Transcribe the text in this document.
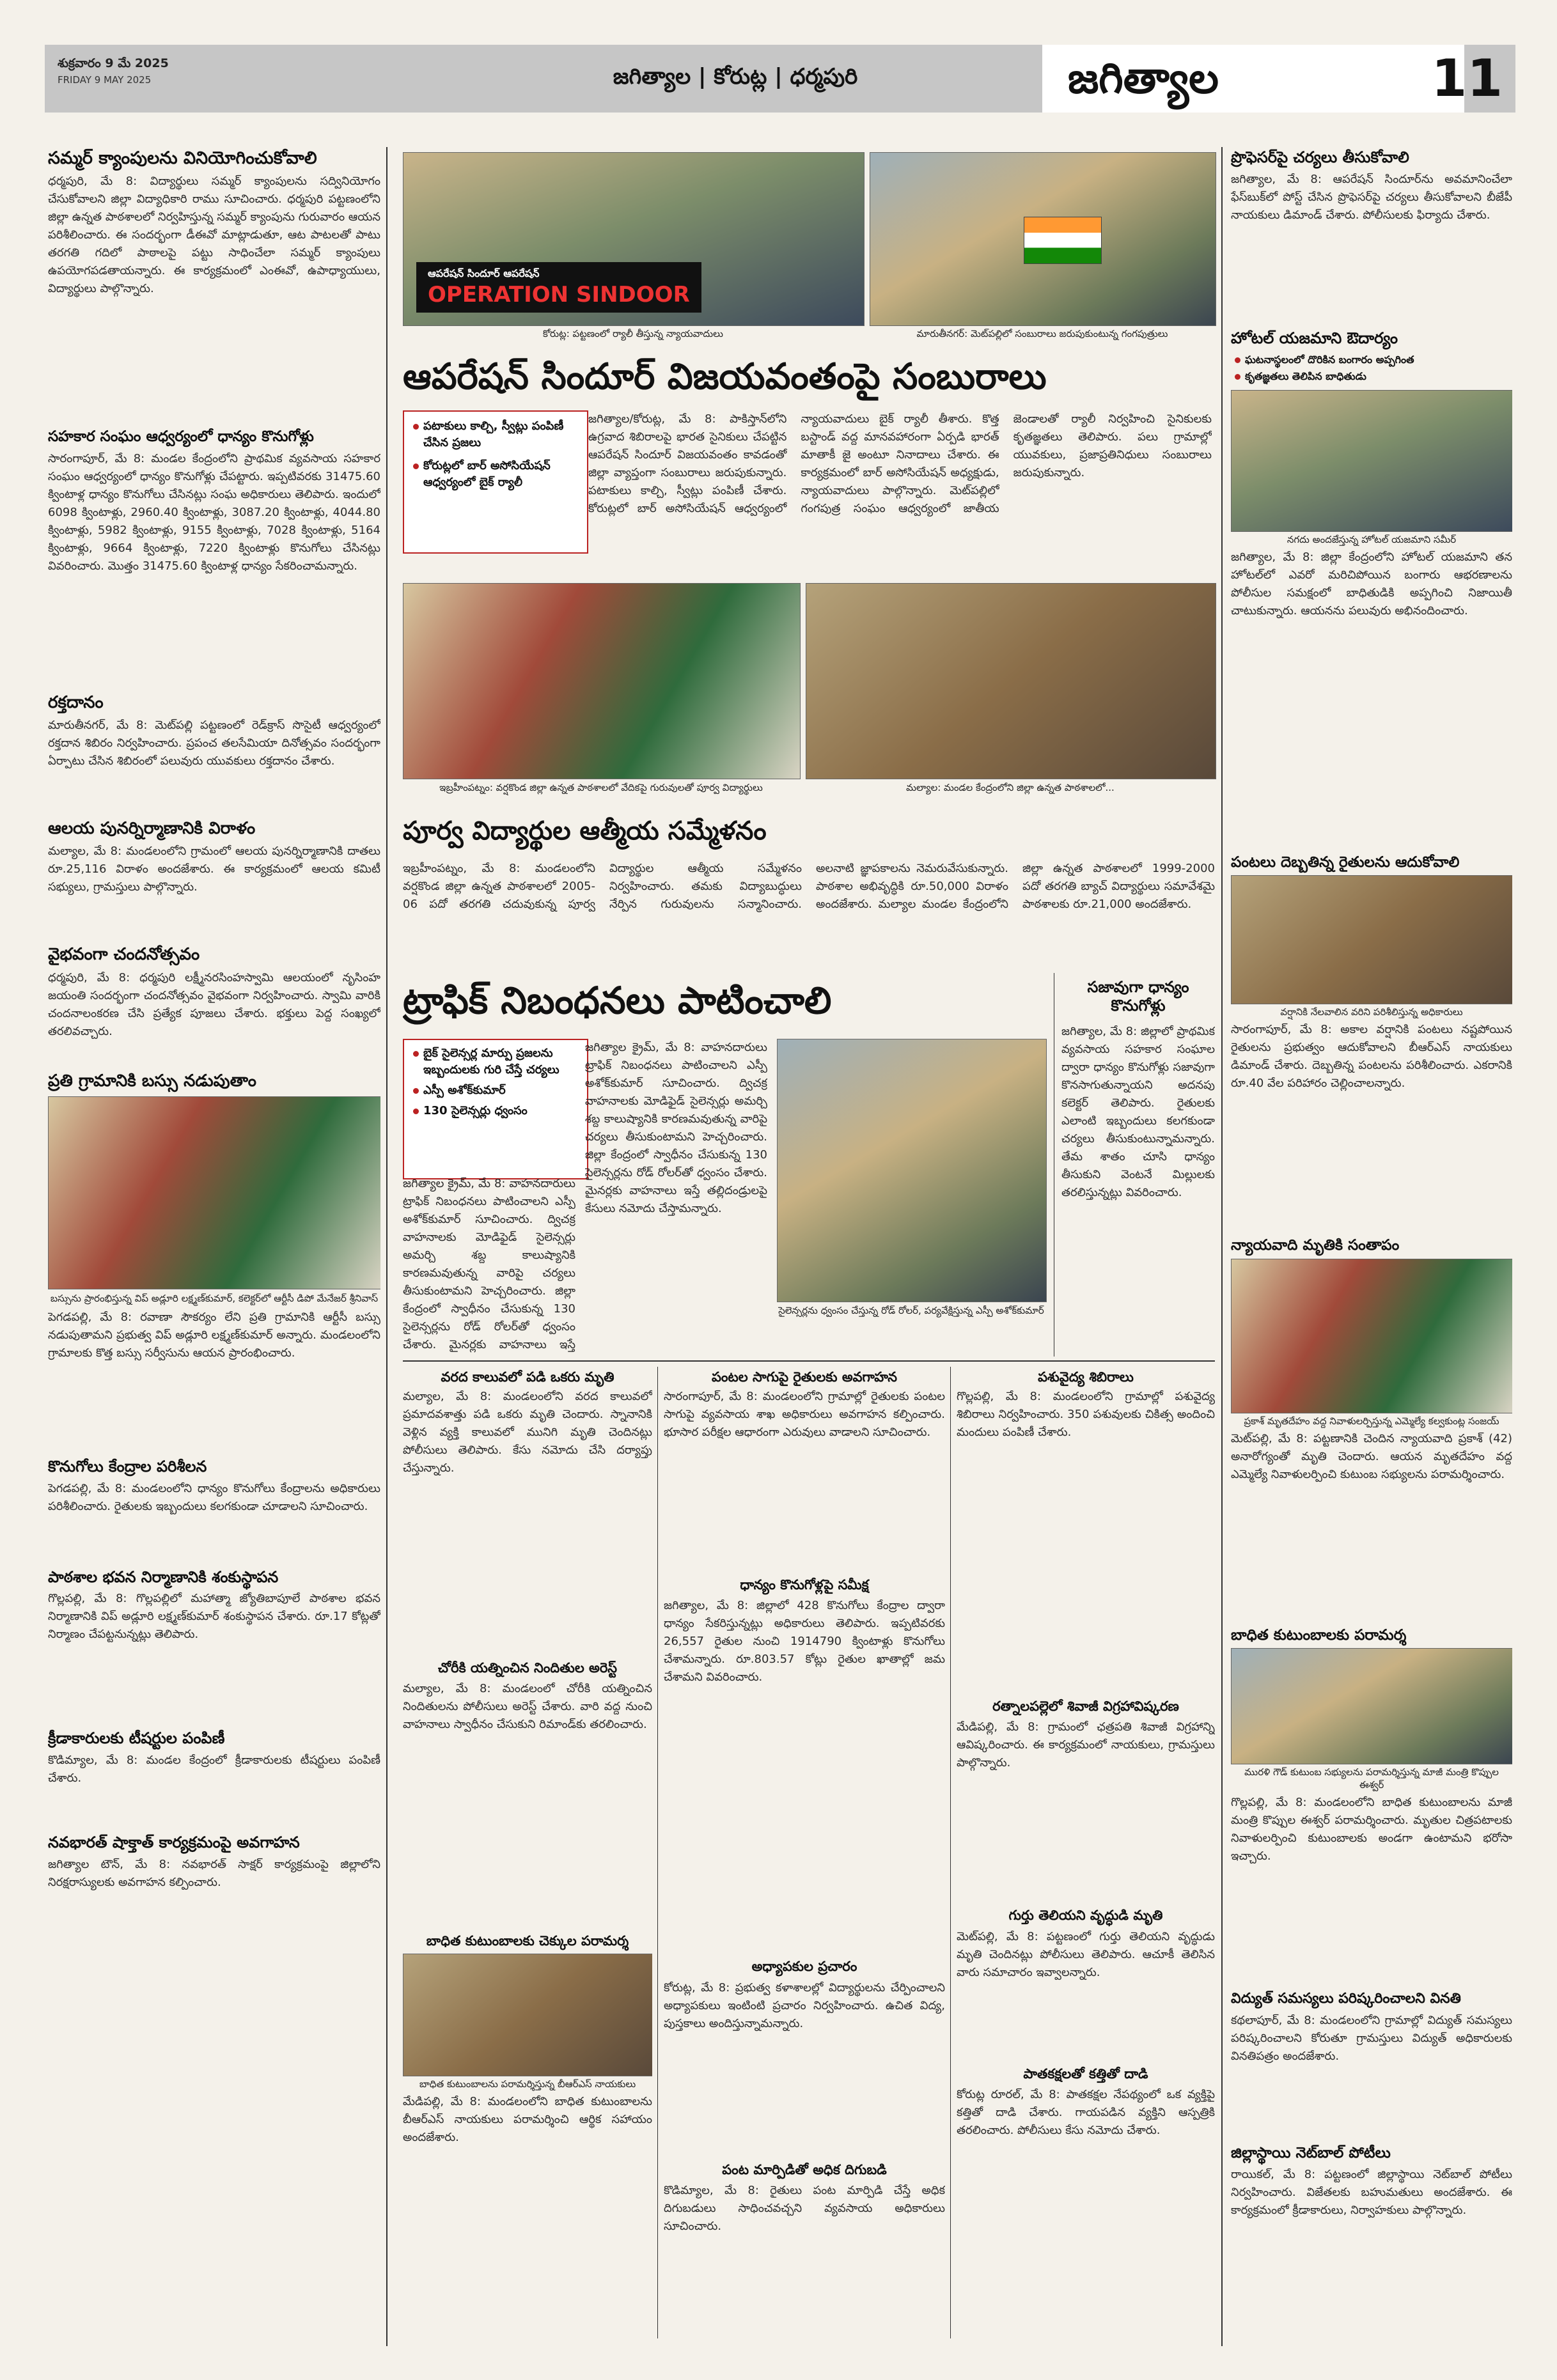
శుక్రవారం 9 మే 2025
FRIDAY 9 MAY 2025	జగిత్యాల | కోరుట్ల | ధర్మపురి	జగిత్యాల	11
సమ్మర్ క్యాంపులను వినియోగించుకోవాలి
ధర్మపురి, మే 8: విద్యార్థులు సమ్మర్ క్యాంపులను సద్వినియోగం చేసుకోవాలని జిల్లా విద్యాధికారి రాము సూచించారు. ధర్మపురి పట్టణంలోని జిల్లా ఉన్నత పాఠశాలలో నిర్వహిస్తున్న సమ్మర్ క్యాంపును గురువారం ఆయన పరిశీలించారు. ఈ సందర్భంగా డీఈవో మాట్లాడుతూ, ఆట పాటలతో పాటు తరగతి గదిలో పాఠాలపై పట్టు సాధించేలా సమ్మర్ క్యాంపులు ఉపయోగపడతాయన్నారు. ఈ కార్యక్రమంలో ఎంఈవో, ఉపాధ్యాయులు, విద్యార్థులు పాల్గొన్నారు.
సహకార సంఘం ఆధ్వర్యంలో ధాన్యం కొనుగోళ్లు
సారంగాపూర్, మే 8: మండల కేంద్రంలోని ప్రాథమిక వ్యవసాయ సహకార సంఘం ఆధ్వర్యంలో ధాన్యం కొనుగోళ్లు చేపట్టారు. ఇప్పటివరకు 31475.60 క్వింటాళ్ల ధాన్యం కొనుగోలు చేసినట్లు సంఘ అధికారులు తెలిపారు. ఇందులో 6098 క్వింటాళ్లు, 2960.40 క్వింటాళ్లు, 3087.20 క్వింటాళ్లు, 4044.80 క్వింటాళ్లు, 5982 క్వింటాళ్లు, 9155 క్వింటాళ్లు, 7028 క్వింటాళ్లు, 5164 క్వింటాళ్లు, 9664 క్వింటాళ్లు, 7220 క్వింటాళ్లు కొనుగోలు చేసినట్లు వివరించారు. మొత్తం 31475.60 క్వింటాళ్ల ధాన్యం సేకరించామన్నారు.
రక్తదానం
మారుతీనగర్, మే 8: మెట్‌పల్లి పట్టణంలో రెడ్‌క్రాస్ సొసైటీ ఆధ్వర్యంలో రక్తదాన శిబిరం నిర్వహించారు. ప్రపంచ తలసేమియా దినోత్సవం సందర్భంగా ఏర్పాటు చేసిన శిబిరంలో పలువురు యువకులు రక్తదానం చేశారు.
ఆలయ పునర్నిర్మాణానికి విరాళం
మల్యాల, మే 8: మండలంలోని గ్రామంలో ఆలయ పునర్నిర్మాణానికి దాతలు రూ.25,116 విరాళం అందజేశారు. ఈ కార్యక్రమంలో ఆలయ కమిటీ సభ్యులు, గ్రామస్తులు పాల్గొన్నారు.
వైభవంగా చందనోత్సవం
ధర్మపురి, మే 8: ధర్మపురి లక్ష్మీనరసింహస్వామి ఆలయంలో నృసింహ జయంతి సందర్భంగా చందనోత్సవం వైభవంగా నిర్వహించారు. స్వామి వారికి చందనాలంకరణ చేసి ప్రత్యేక పూజలు చేశారు. భక్తులు పెద్ద సంఖ్యలో తరలివచ్చారు.
ప్రతి గ్రామానికి బస్సు నడుపుతాం
బస్సును ప్రారంభిస్తున్న విప్ అడ్లూరి లక్ష్మణ్‌కుమార్, కలెక్టర్‌లో ఆర్టీసీ డిపో మేనేజర్ శ్రీనివాస్
పెగడపల్లి, మే 8: రవాణా సౌకర్యం లేని ప్రతి గ్రామానికి ఆర్టీసీ బస్సు నడుపుతామని ప్రభుత్వ విప్ అడ్లూరి లక్ష్మణ్‌కుమార్ అన్నారు. మండలంలోని గ్రామాలకు కొత్త బస్సు సర్వీసును ఆయన ప్రారంభించారు.
కొనుగోలు కేంద్రాల పరిశీలన
పెగడపల్లి, మే 8: మండలంలోని ధాన్యం కొనుగోలు కేంద్రాలను అధికారులు పరిశీలించారు. రైతులకు ఇబ్బందులు కలగకుండా చూడాలని సూచించారు.
పాఠశాల భవన నిర్మాణానికి శంకుస్థాపన
గొల్లపల్లి, మే 8: గొల్లపల్లిలో మహాత్మా జ్యోతిబాపూలే పాఠశాల భవన నిర్మాణానికి విప్ అడ్లూరి లక్ష్మణ్‌కుమార్ శంకుస్థాపన చేశారు. రూ.17 కోట్లతో నిర్మాణం చేపట్టనున్నట్లు తెలిపారు.
క్రీడాకారులకు టీషర్టుల పంపిణీ
కొడిమ్యాల, మే 8: మండల కేంద్రంలో క్రీడాకారులకు టీషర్టులు పంపిణీ చేశారు.
నవభారత్ షాక్తాత్ కార్యక్రమంపై అవగాహన
జగిత్యాల టౌన్, మే 8: నవభారత్ సాక్షర్ కార్యక్రమంపై జిల్లాలోని నిరక్షరాస్యులకు అవగాహన కల్పించారు.
ఆపరేషన్ సిందూర్ ఆపరేషన్
OPERATION SINDOOR
కోరుట్ల: పట్టణంలో ర్యాలీ తీస్తున్న న్యాయవాదులు	మారుతీనగర్: మెట్‌పల్లిలో సంబురాలు జరుపుకుంటున్న గంగపుత్రులు
ఆపరేషన్ సిందూర్ విజయవంతంపై సంబురాలు
పటాకులు కాల్చి, స్వీట్లు పంపిణీ చేసిన ప్రజలు
కోరుట్లలో బార్ అసోసియేషన్ ఆధ్వర్యంలో బైక్ ర్యాలీ
జగిత్యాల/కోరుట్ల, మే 8: పాకిస్తాన్‌లోని ఉగ్రవాద శిబిరాలపై భారత సైనికులు చేపట్టిన ఆపరేషన్ సిందూర్ విజయవంతం కావడంతో జిల్లా వ్యాప్తంగా సంబురాలు జరుపుకున్నారు. పటాకులు కాల్చి, స్వీట్లు పంపిణీ చేశారు. కోరుట్లలో బార్ అసోసియేషన్ ఆధ్వర్యంలో న్యాయవాదులు బైక్ ర్యాలీ తీశారు. కొత్త బస్టాండ్ వద్ద మానవహారంగా ఏర్పడి భారత్ మాతాకీ జై అంటూ నినాదాలు చేశారు. ఈ కార్యక్రమంలో బార్ అసోసియేషన్ అధ్యక్షుడు, న్యాయవాదులు పాల్గొన్నారు. మెట్‌పల్లిలో గంగపుత్ర సంఘం ఆధ్వర్యంలో జాతీయ జెండాలతో ర్యాలీ నిర్వహించి సైనికులకు కృతజ్ఞతలు తెలిపారు. పలు గ్రామాల్లో యువకులు, ప్రజాప్రతినిధులు సంబురాలు జరుపుకున్నారు.
ఇబ్రహీంపట్నం: వర్షకొండ జిల్లా ఉన్నత పాఠశాలలో వేదికపై గురువులతో పూర్వ విద్యార్థులు	మల్యాల: మండల కేంద్రంలోని జిల్లా ఉన్నత పాఠశాలలో...
పూర్వ విద్యార్థుల ఆత్మీయ సమ్మేళనం
ఇబ్రహీంపట్నం, మే 8: మండలంలోని వర్షకొండ జిల్లా ఉన్నత పాఠశాలలో 2005-06 పదో తరగతి చదువుకున్న పూర్వ విద్యార్థుల ఆత్మీయ సమ్మేళనం నిర్వహించారు. తమకు విద్యాబుద్ధులు నేర్పిన గురువులను సన్మానించారు. అలనాటి జ్ఞాపకాలను నెమరువేసుకున్నారు. పాఠశాల అభివృద్ధికి రూ.50,000 విరాళం అందజేశారు. మల్యాల మండల కేంద్రంలోని జిల్లా ఉన్నత పాఠశాలలో 1999-2000 పదో తరగతి బ్యాచ్ విద్యార్థులు సమావేశమై పాఠశాలకు రూ.21,000 అందజేశారు.
ట్రాఫిక్ నిబంధనలు పాటించాలి
బైక్ సైలెన్సర్ల మార్పు ప్రజలను ఇబ్బందులకు గురి చేస్తే చర్యలు
ఎస్పీ అశోక్‌కుమార్
130 సైలెన్సర్లు ధ్వంసం
జగిత్యాల క్రైమ్, మే 8: వాహనదారులు ట్రాఫిక్ నిబంధనలు పాటించాలని ఎస్పీ అశోక్‌కుమార్ సూచించారు. ద్విచక్ర వాహనాలకు మోడిఫైడ్ సైలెన్సర్లు అమర్చి శబ్ద కాలుష్యానికి కారణమవుతున్న వారిపై చర్యలు తీసుకుంటామని హెచ్చరించారు. జిల్లా కేంద్రంలో స్వాధీనం చేసుకున్న 130 సైలెన్సర్లను రోడ్ రోలర్‌తో ధ్వంసం చేశారు. మైనర్లకు వాహనాలు ఇస్తే
జగిత్యాల క్రైమ్, మే 8: వాహనదారులు ట్రాఫిక్ నిబంధనలు పాటించాలని ఎస్పీ అశోక్‌కుమార్ సూచించారు. ద్విచక్ర వాహనాలకు మోడిఫైడ్ సైలెన్సర్లు అమర్చి శబ్ద కాలుష్యానికి కారణమవుతున్న వారిపై చర్యలు తీసుకుంటామని హెచ్చరించారు. జిల్లా కేంద్రంలో స్వాధీనం చేసుకున్న 130 సైలెన్సర్లను రోడ్ రోలర్‌తో ధ్వంసం చేశారు. మైనర్లకు వాహనాలు ఇస్తే తల్లిదండ్రులపై కేసులు నమోదు చేస్తామన్నారు.
సైలెన్సర్లను ధ్వంసం చేస్తున్న రోడ్ రోలర్, పర్యవేక్షిస్తున్న ఎస్పీ అశోక్‌కుమార్
సజావుగా ధాన్యం కొనుగోళ్లు
జగిత్యాల, మే 8: జిల్లాలో ప్రాథమిక వ్యవసాయ సహకార సంఘాల ద్వారా ధాన్యం కొనుగోళ్లు సజావుగా కొనసాగుతున్నాయని అదనపు కలెక్టర్ తెలిపారు. రైతులకు ఎలాంటి ఇబ్బందులు కలగకుండా చర్యలు తీసుకుంటున్నామన్నారు. తేమ శాతం చూసి ధాన్యం తీసుకుని వెంటనే మిల్లులకు తరలిస్తున్నట్లు వివరించారు.
వరద కాలువలో పడి ఒకరు మృతి
మల్యాల, మే 8: మండలంలోని వరద కాలువలో ప్రమాదవశాత్తు పడి ఒకరు మృతి చెందారు. స్నానానికి వెళ్లిన వ్యక్తి కాలువలో మునిగి మృతి చెందినట్లు పోలీసులు తెలిపారు. కేసు నమోదు చేసి దర్యాప్తు చేస్తున్నారు.
చోరీకి యత్నించిన నిందితుల అరెస్ట్
మల్యాల, మే 8: మండలంలో చోరీకి యత్నించిన నిందితులను పోలీసులు అరెస్ట్ చేశారు. వారి వద్ద నుంచి వాహనాలు స్వాధీనం చేసుకుని రిమాండ్‌కు తరలించారు.
బాధిత కుటుంబాలకు చెక్కుల పరామర్శ
బాధిత కుటుంబాలను పరామర్శిస్తున్న బీఆర్ఎస్ నాయకులు
మేడిపల్లి, మే 8: మండలంలోని బాధిత కుటుంబాలను బీఆర్ఎస్ నాయకులు పరామర్శించి ఆర్థిక సహాయం అందజేశారు.
పంటల సాగుపై రైతులకు అవగాహన
సారంగాపూర్, మే 8: మండలంలోని గ్రామాల్లో రైతులకు పంటల సాగుపై వ్యవసాయ శాఖ అధికారులు అవగాహన కల్పించారు. భూసార పరీక్షల ఆధారంగా ఎరువులు వాడాలని సూచించారు.
ధాన్యం కొనుగోళ్లపై సమీక్ష
జగిత్యాల, మే 8: జిల్లాలో 428 కొనుగోలు కేంద్రాల ద్వారా ధాన్యం సేకరిస్తున్నట్లు అధికారులు తెలిపారు. ఇప్పటివరకు 26,557 రైతుల నుంచి 1914790 క్వింటాళ్లు కొనుగోలు చేశామన్నారు. రూ.803.57 కోట్లు రైతుల ఖాతాల్లో జమ చేశామని వివరించారు.
అధ్యాపకుల ప్రచారం
కోరుట్ల, మే 8: ప్రభుత్వ కళాశాలల్లో విద్యార్థులను చేర్పించాలని అధ్యాపకులు ఇంటింటి ప్రచారం నిర్వహించారు. ఉచిత విద్య, పుస్తకాలు అందిస్తున్నామన్నారు.
పంట మార్పిడితో అధిక దిగుబడి
కొడిమ్యాల, మే 8: రైతులు పంట మార్పిడి చేస్తే అధిక దిగుబడులు సాధించవచ్చని వ్యవసాయ అధికారులు సూచించారు.
పశువైద్య శిబిరాలు
గొల్లపల్లి, మే 8: మండలంలోని గ్రామాల్లో పశువైద్య శిబిరాలు నిర్వహించారు. 350 పశువులకు చికిత్స అందించి మందులు పంపిణీ చేశారు.
రత్నాలపల్లెలో శివాజీ విగ్రహావిష్కరణ
మేడిపల్లి, మే 8: గ్రామంలో ఛత్రపతి శివాజీ విగ్రహాన్ని ఆవిష్కరించారు. ఈ కార్యక్రమంలో నాయకులు, గ్రామస్తులు పాల్గొన్నారు.
గుర్తు తెలియని వృద్ధుడి మృతి
మెట్‌పల్లి, మే 8: పట్టణంలో గుర్తు తెలియని వృద్ధుడు మృతి చెందినట్లు పోలీసులు తెలిపారు. ఆచూకీ తెలిసిన వారు సమాచారం ఇవ్వాలన్నారు.
పాతకక్షలతో కత్తితో దాడి
కోరుట్ల రూరల్, మే 8: పాతకక్షల నేపథ్యంలో ఒక వ్యక్తిపై కత్తితో దాడి చేశారు. గాయపడిన వ్యక్తిని ఆస్పత్రికి తరలించారు. పోలీసులు కేసు నమోదు చేశారు.
ప్రొఫెసర్‌పై చర్యలు తీసుకోవాలి
జగిత్యాల, మే 8: ఆపరేషన్ సిందూర్‌ను అవమానించేలా ఫేస్‌బుక్‌లో పోస్ట్ చేసిన ప్రొఫెసర్‌పై చర్యలు తీసుకోవాలని బీజేపీ నాయకులు డిమాండ్ చేశారు. పోలీసులకు ఫిర్యాదు చేశారు.
హోటల్ యజమాని ఔదార్యం
ఘటనాస్థలంలో దొరికిన బంగారం అప్పగింత
కృతజ్ఞతలు తెలిపిన బాధితుడు
నగదు అందజేస్తున్న హోటల్ యజమాని సమీర్
జగిత్యాల, మే 8: జిల్లా కేంద్రంలోని హోటల్ యజమాని తన హోటల్‌లో ఎవరో మరిచిపోయిన బంగారు ఆభరణాలను పోలీసుల సమక్షంలో బాధితుడికి అప్పగించి నిజాయితీ చాటుకున్నారు. ఆయనను పలువురు అభినందించారు.
పంటలు దెబ్బతిన్న రైతులను ఆదుకోవాలి
వర్షానికి నేలవాలిన వరిని పరిశీలిస్తున్న అధికారులు
సారంగాపూర్, మే 8: అకాల వర్షానికి పంటలు నష్టపోయిన రైతులను ప్రభుత్వం ఆదుకోవాలని బీఆర్ఎస్ నాయకులు డిమాండ్ చేశారు. దెబ్బతిన్న పంటలను పరిశీలించారు. ఎకరానికి రూ.40 వేల పరిహారం చెల్లించాలన్నారు.
న్యాయవాది మృతికి సంతాపం
ప్రకాశ్ మృతదేహం వద్ద నివాళులర్పిస్తున్న ఎమ్మెల్యే కల్వకుంట్ల సంజయ్
మెట్‌పల్లి, మే 8: పట్టణానికి చెందిన న్యాయవాది ప్రకాశ్ (42) అనారోగ్యంతో మృతి చెందారు. ఆయన మృతదేహం వద్ద ఎమ్మెల్యే నివాళులర్పించి కుటుంబ సభ్యులను పరామర్శించారు.
బాధిత కుటుంబాలకు పరామర్శ
మురళి గౌడ్ కుటుంబ సభ్యులను పరామర్శిస్తున్న మాజీ మంత్రి కొప్పుల ఈశ్వర్
గొల్లపల్లి, మే 8: మండలంలోని బాధిత కుటుంబాలను మాజీ మంత్రి కొప్పుల ఈశ్వర్ పరామర్శించారు. మృతుల చిత్రపటాలకు నివాళులర్పించి కుటుంబాలకు అండగా ఉంటామని భరోసా ఇచ్చారు.
విద్యుత్ సమస్యలు పరిష్కరించాలని వినతి
కథలాపూర్, మే 8: మండలంలోని గ్రామాల్లో విద్యుత్ సమస్యలు పరిష్కరించాలని కోరుతూ గ్రామస్తులు విద్యుత్ అధికారులకు వినతిపత్రం అందజేశారు.
జిల్లాస్థాయి నెట్‌బాల్ పోటీలు
రాయికల్, మే 8: పట్టణంలో జిల్లాస్థాయి నెట్‌బాల్ పోటీలు నిర్వహించారు. విజేతలకు బహుమతులు అందజేశారు. ఈ కార్యక్రమంలో క్రీడాకారులు, నిర్వాహకులు పాల్గొన్నారు.
